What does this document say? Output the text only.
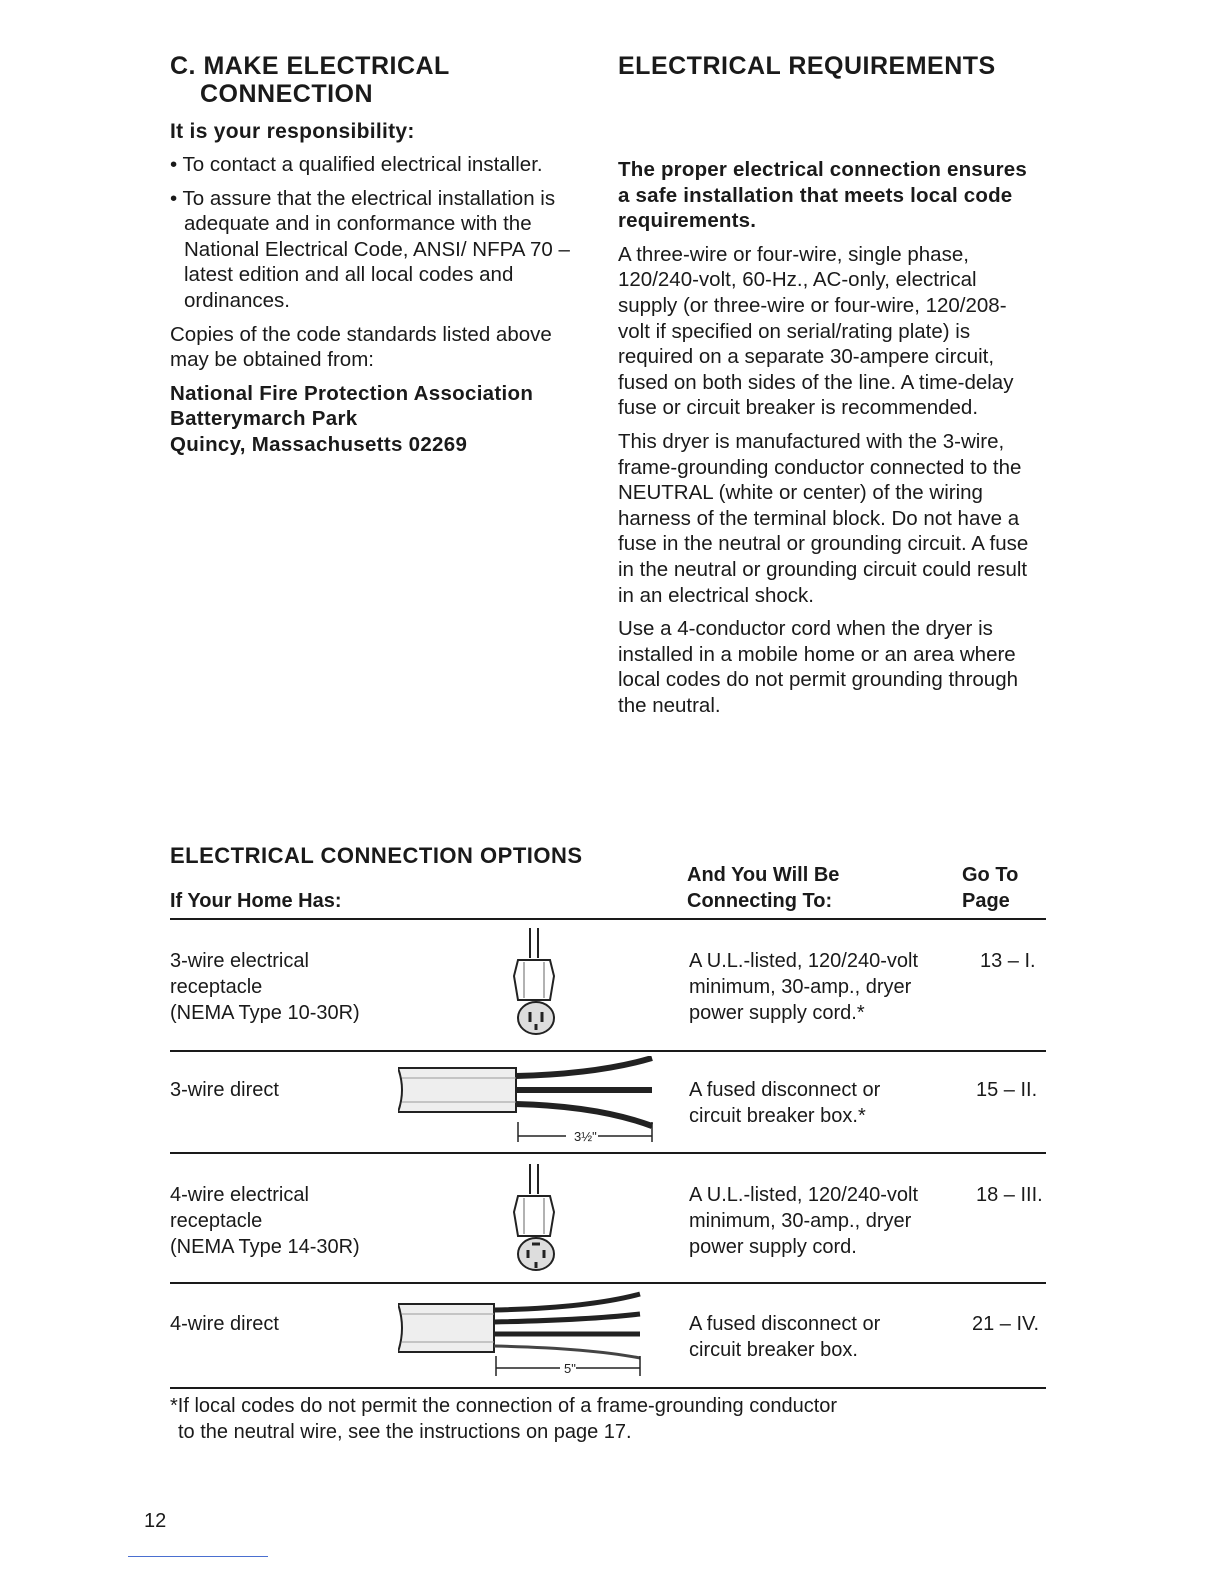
C. MAKE ELECTRICAL
CONNECTION
It is your responsibility:
• To contact a qualified electrical installer.
• To assure that the electrical installation is adequate and in conformance with the National Electrical Code, ANSI/ NFPA 70 – latest edition and all local codes and ordinances.
Copies of the code standards listed above may be obtained from:
National Fire Protection Association
Batterymarch Park
Quincy, Massachusetts 02269
ELECTRICAL REQUIREMENTS
The proper electrical connection ensures a safe installation that meets local code requirements.
A three-wire or four-wire, single phase, 120/240-volt, 60-Hz., AC-only, electrical supply (or three-wire or four-wire, 120/208-volt if specified on serial/rating plate) is required on a separate 30-ampere circuit, fused on both sides of the line. A time-delay fuse or circuit breaker is recommended.
This dryer is manufactured with the 3-wire, frame-grounding conductor connected to the NEUTRAL (white or center) of the wiring harness of the terminal block. Do not have a fuse in the neutral or grounding circuit. A fuse in the neutral or grounding circuit could result in an electrical shock.
Use a 4-conductor cord when the dryer is installed in a mobile home or an area where local codes do not permit grounding through the neutral.
ELECTRICAL CONNECTION OPTIONS
If Your Home Has:
And You Will Be
Connecting To:
Go To
Page
3-wire electrical
receptacle
(NEMA Type 10-30R)
A U.L.-listed, 120/240-volt
minimum, 30-amp., dryer
power supply cord.*
13 – I.
3-wire direct
3½"
A fused disconnect or
circuit breaker box.*
15 – II.
4-wire electrical
receptacle
(NEMA Type 14-30R)
A U.L.-listed, 120/240-volt
minimum, 30-amp., dryer
power supply cord.
18 – III.
4-wire direct
5"
A fused disconnect or
circuit breaker box.
21 – IV.
*If local codes do not permit the connection of a frame-grounding conductor
to the neutral wire, see the instructions on page 17.
12
